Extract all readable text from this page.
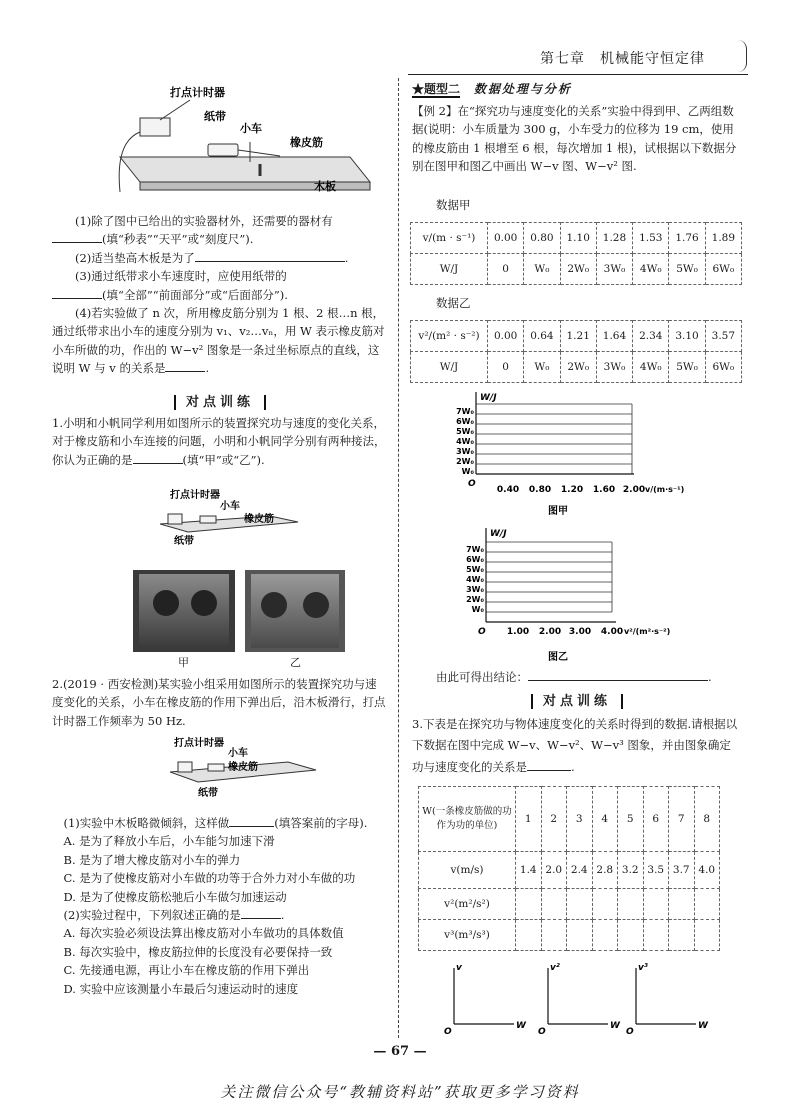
第七章　机械能守恒定律
打点计时器
纸带
小车
橡皮筋
木板
(1)除了图中已给出的实验器材外，还需要的器材有
(填“秒表”“天平”或“刻度尺”).
(2)适当垫高木板是为了	.
(3)通过纸带求小车速度时，应使用纸带的
(填“全部”“前面部分”或“后面部分”).
(4)若实验做了 n 次，所用橡皮筋分别为 1 根、2 根…n 根，通过纸带求出小车的速度分别为 v₁、v₂…vₙ，用 W 表示橡皮筋对小车所做的功，作出的 W−v² 图象是一条过坐标原点的直线，这说明 W 与 v 的关系是	.
对点训练
1.小明和小帆同学利用如图所示的装置探究功与速度的变化关系，对于橡皮筋和小车连接的问题，小明和小帆同学分别有两种接法，你认为正确的是	(填“甲”或“乙”).
打点计时器
小车
橡皮筋
纸带
甲	乙
2.(2019 · 西安检测)某实验小组采用如图所示的装置探究功与速度变化的关系，小车在橡皮筋的作用下弹出后，沿木板滑行，打点计时器工作频率为 50 Hz.
打点计时器
小车
橡皮筋
纸带
(1)实验中木板略微倾斜，这样做	(填答案前的字母).
A. 是为了释放小车后，小车能匀加速下滑
B. 是为了增大橡皮筋对小车的弹力
C. 是为了使橡皮筋对小车做的功等于合外力对小车做的功
D. 是为了使橡皮筋松驰后小车做匀加速运动
(2)实验过程中，下列叙述正确的是	.
A. 每次实验必须设法算出橡皮筋对小车做功的具体数值
B. 每次实验中，橡皮筋拉伸的长度没有必要保持一致
C. 先接通电源，再让小车在橡皮筋的作用下弹出
D. 实验中应该测量小车最后匀速运动时的速度
★题型二 数据处理与分析
【例 2】在“探究功与速度变化的关系”实验中得到甲、乙两组数据(说明：小车质量为 300 g，小车受力的位移为 19 cm，使用的橡皮筋由 1 根增至 6 根，每次增加 1 根)，试根据以下数据分别在图甲和图乙中画出 W−v 图、W−v² 图.
数据甲
v/(m · s⁻¹)	0.00	0.80	1.10	1.28	1.53	1.76	1.89
W/J	0	W₀	2W₀	3W₀	4W₀	5W₀	6W₀
数据乙
v²/(m² · s⁻²)	0.00	0.64	1.21	1.64	2.34	3.10	3.57
W/J	0	W₀	2W₀	3W₀	4W₀	5W₀	6W₀
W/J
7W₀
6W₀
5W₀
4W₀
3W₀
2W₀
W₀
O
0.40 0.80 1.20 1.60 2.00 v/(m·s⁻¹)
图甲
W/J
7W₀
6W₀
5W₀
4W₀
3W₀
2W₀
W₀
O 1.00 2.00 3.00 4.00 v²/(m²·s⁻²)
图乙
由此可得出结论：	.
对点训练
3.下表是在探究功与物体速度变化的关系时得到的数据.请根据以下数据在图中完成 W−v、W−v²、W−v³ 图象，并由图象确定功与速度变化的关系是	.
W(一条橡皮筋做的功作为功的单位)	1	2	3	4	5	6	7	8
v(m/s)	1.4	2.0	2.4	2.8	3.2	3.5	3.7	4.0
v²(m²/s²)								
v³(m³/s³)								
v
W
O
v²
W
O
v³
W
O
— 67 —
关注微信公众号“教辅资料站”获取更多学习资料
